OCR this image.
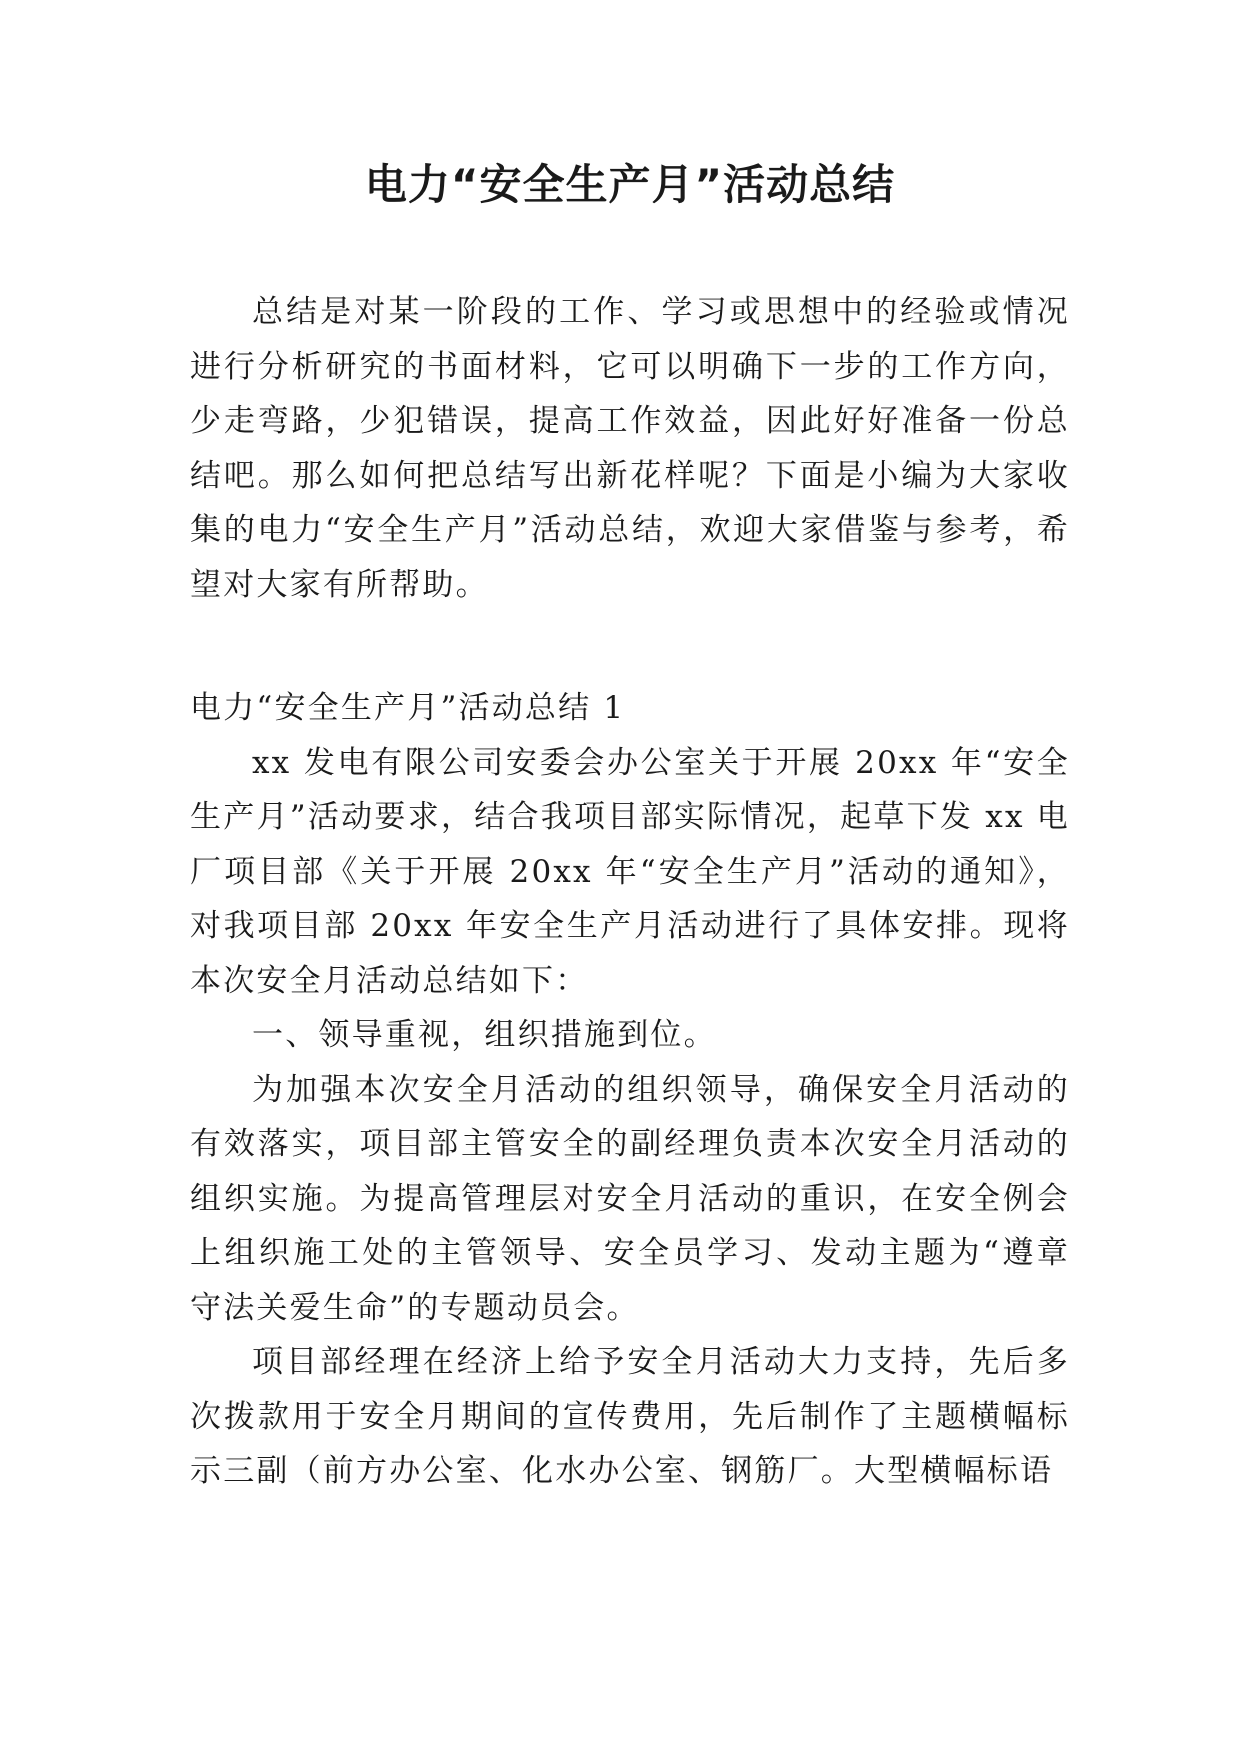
电力“安全生产月”活动总结

总结是对某一阶段的工作、学习或思想中的经验或情况进行分析研究的书面材料，它可以明确下一步的工作方向，少走弯路，少犯错误，提高工作效益，因此好好准备一份总结吧。那么如何把总结写出新花样呢？下面是小编为大家收集的电力“安全生产月”活动总结，欢迎大家借鉴与参考，希望对大家有所帮助。

电力“安全生产月”活动总结 1

xx 发电有限公司安委会办公室关于开展 20xx 年“安全生产月”活动要求，结合我项目部实际情况，起草下发 xx 电厂项目部《关于开展 20xx 年“安全生产月”活动的通知》，对我项目部 20xx 年安全生产月活动进行了具体安排。现将本次安全月活动总结如下：

一、领导重视，组织措施到位。

为加强本次安全月活动的组织领导，确保安全月活动的有效落实，项目部主管安全的副经理负责本次安全月活动的组织实施。为提高管理层对安全月活动的重识，在安全例会上组织施工处的主管领导、安全员学习、发动主题为“遵章守法关爱生命”的专题动员会。

项目部经理在经济上给予安全月活动大力支持，先后多次拨款用于安全月期间的宣传费用，先后制作了主题横幅标示三副（前方办公室、化水办公室、钢筋厂。大型横幅标语
